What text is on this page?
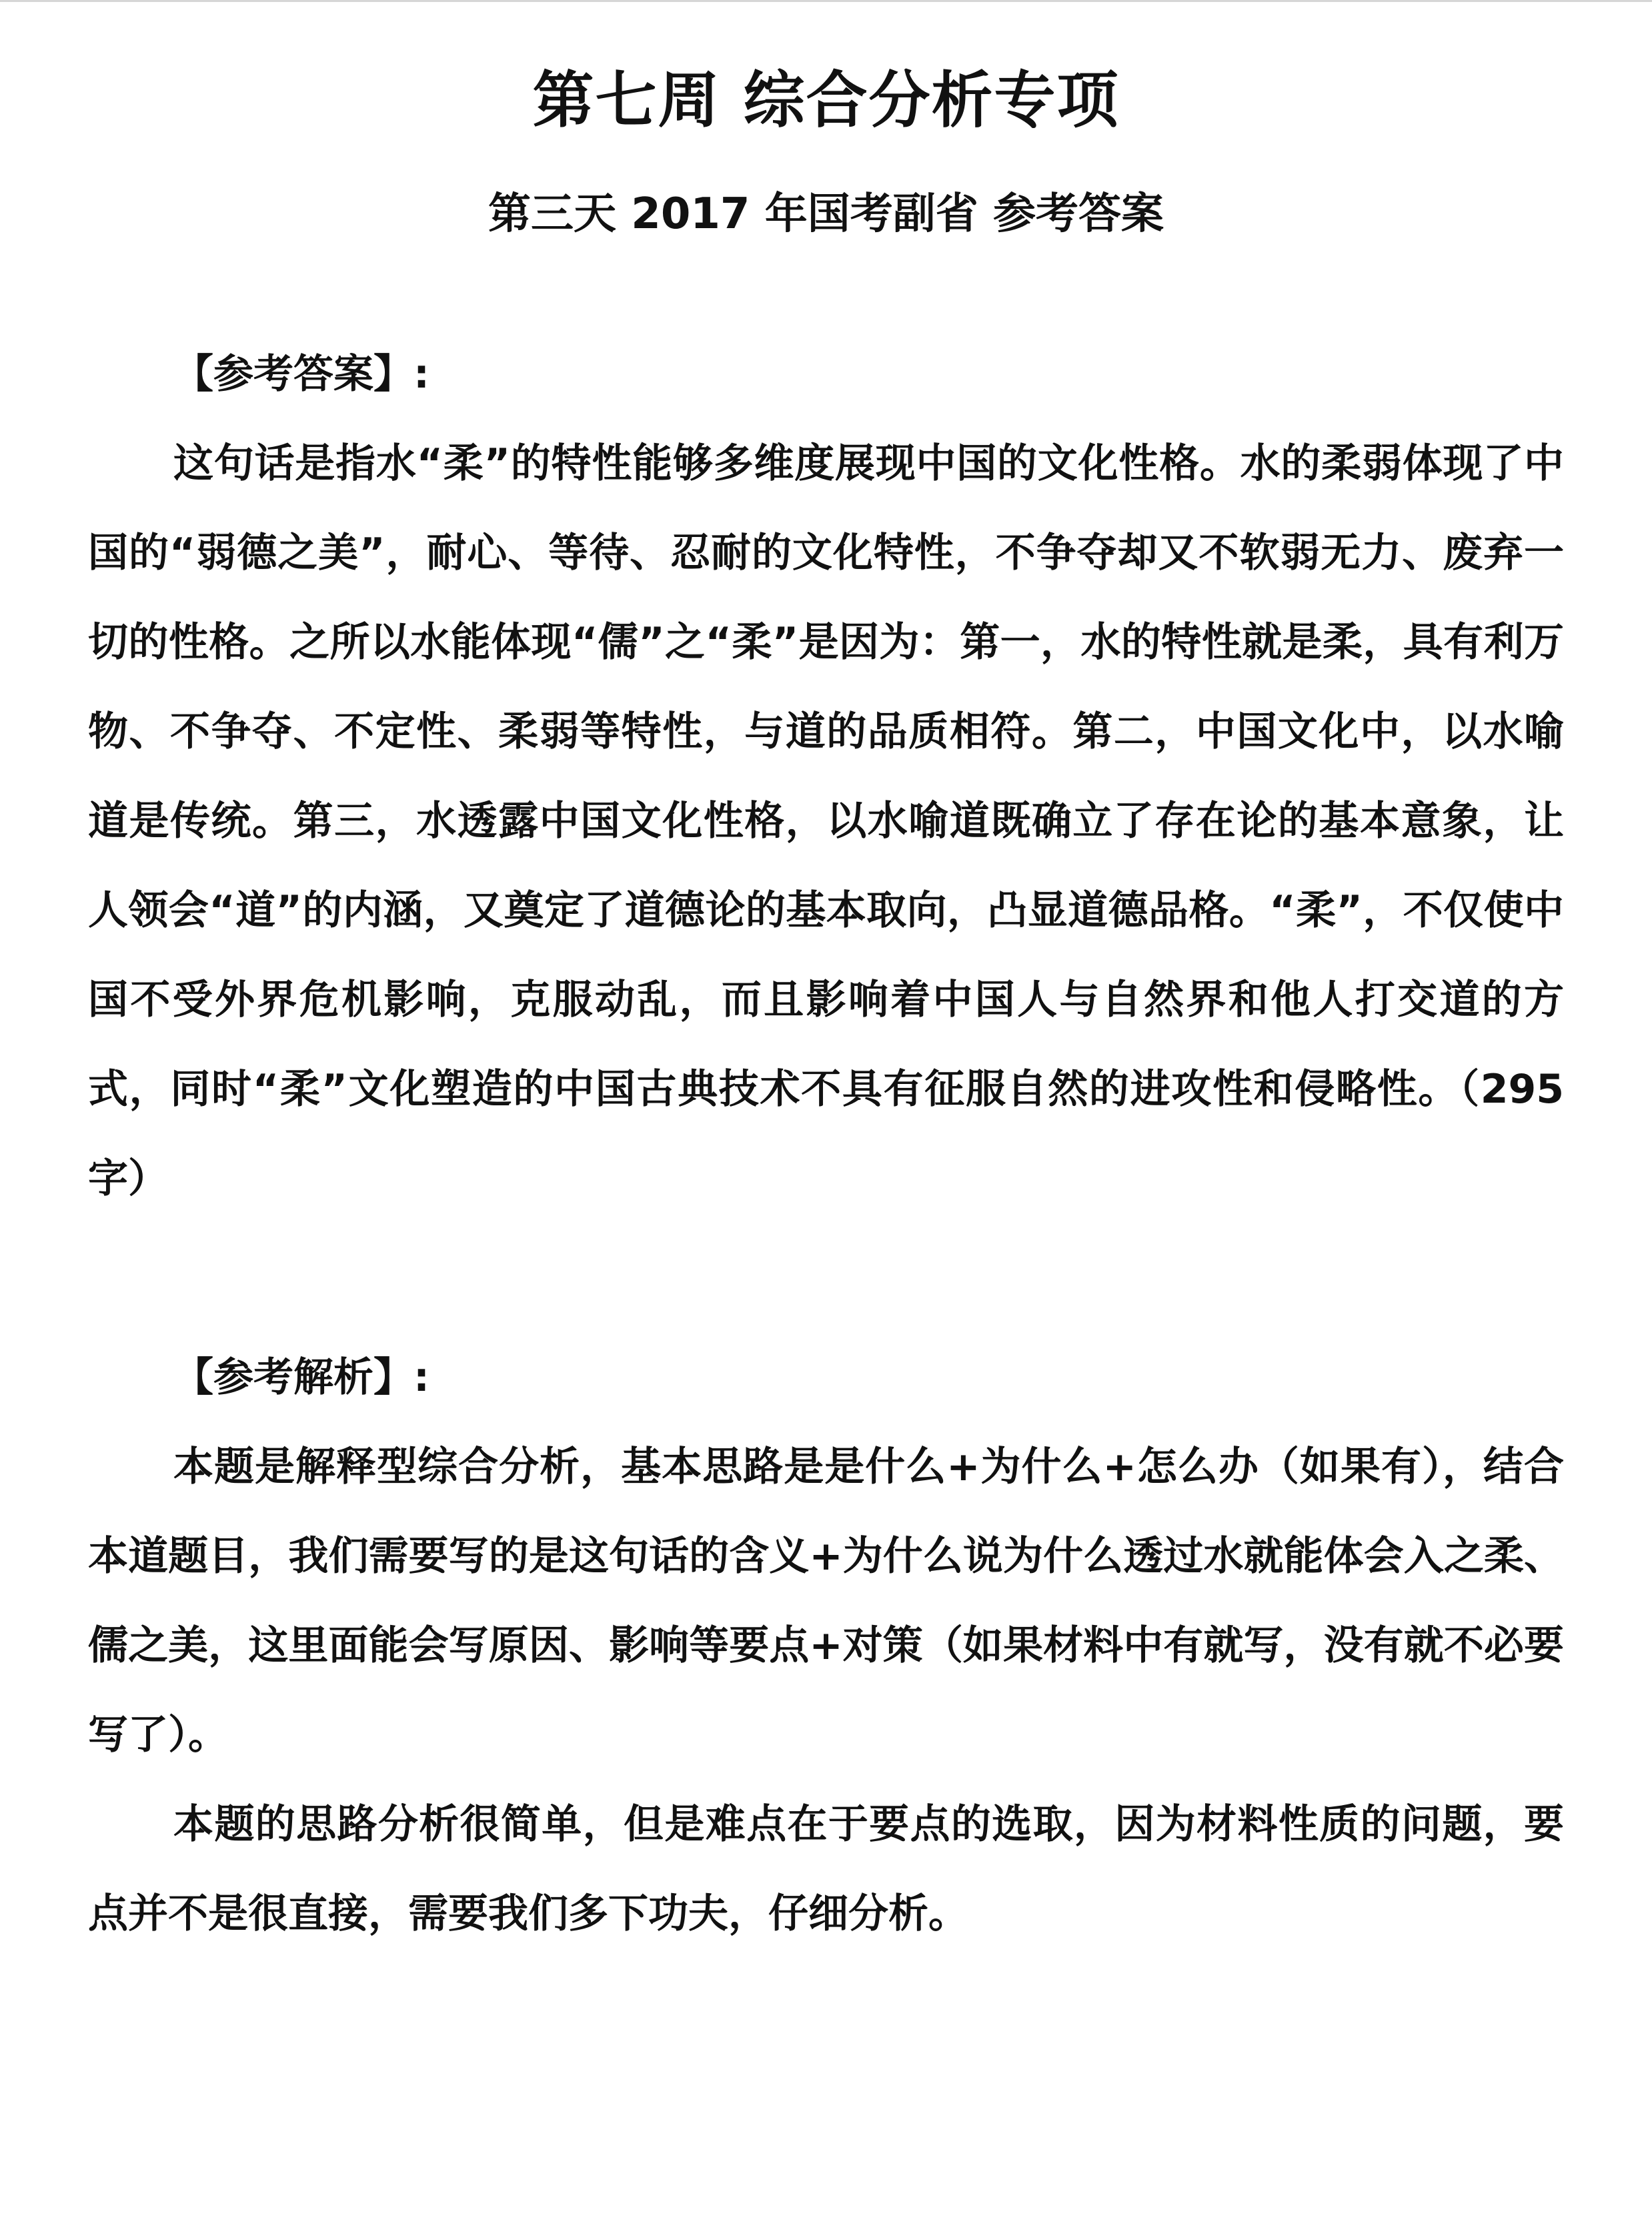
第七周 综合分析专项
第三天 2017 年国考副省 参考答案
【参考答案】:

这句话是指水“柔”的特性能够多维度展现中国的文化性格。水的柔弱体现了中国的“弱德之美”，耐心、等待、忍耐的文化特性，不争夺却又不软弱无力、废弃一切的性格。之所以水能体现“儒”之“柔”是因为：第一，水的特性就是柔，具有利万物、不争夺、不定性、柔弱等特性，与道的品质相符。第二，中国文化中，以水喻道是传统。第三，水透露中国文化性格，以水喻道既确立了存在论的基本意象，让人领会“道”的内涵，又奠定了道德论的基本取向，凸显道德品格。“柔”，不仅使中国不受外界危机影响，克服动乱，而且影响着中国人与自然界和他人打交道的方式，同时“柔”文化塑造的中国古典技术不具有征服自然的进攻性和侵略性。（295 字）

【参考解析】:

本题是解释型综合分析，基本思路是是什么+为什么+怎么办（如果有），结合本道题目，我们需要写的是这句话的含义+为什么说为什么透过水就能体会入之柔、儒之美，这里面能会写原因、影响等要点+对策（如果材料中有就写，没有就不必要写了）。

本题的思路分析很简单，但是难点在于要点的选取，因为材料性质的问题，要点并不是很直接，需要我们多下功夫，仔细分析。
